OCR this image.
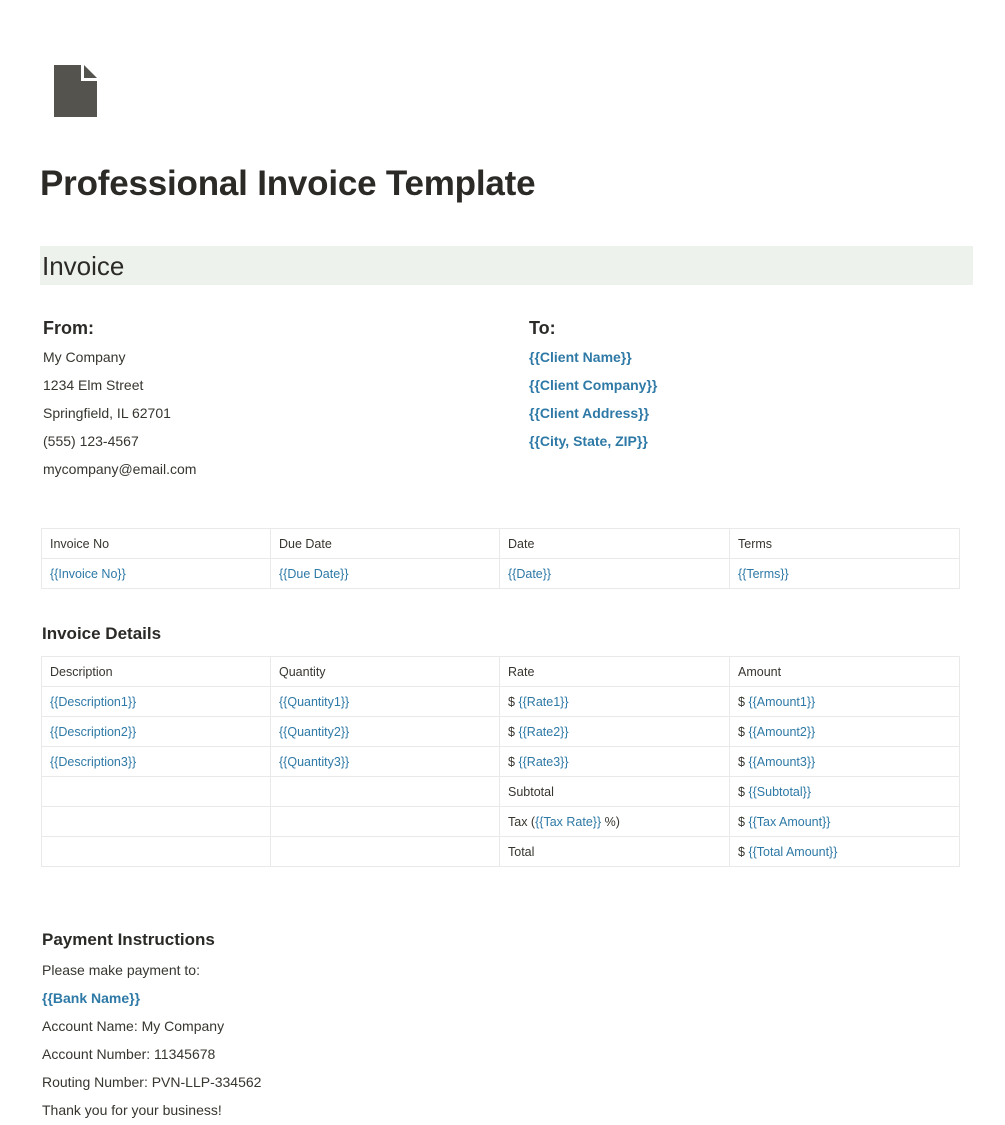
Professional Invoice Template
Invoice
From:
My Company
1234 Elm Street
Springfield, IL 62701
(555) 123-4567
mycompany@email.com
To:
{{Client Name}}
{{Client Company}}
{{Client Address}}
{{City, State, ZIP}}
Invoice No	Due Date	Date	Terms
{{Invoice No}}	{{Due Date}}	{{Date}}	{{Terms}}
Invoice Details
Description	Quantity	Rate	Amount
{{Description1}}	{{Quantity1}}	$ {{Rate1}}	$ {{Amount1}}
{{Description2}}	{{Quantity2}}	$ {{Rate2}}	$ {{Amount2}}
{{Description3}}	{{Quantity3}}	$ {{Rate3}}	$ {{Amount3}}
		Subtotal	$ {{Subtotal}}
		Tax ({{Tax Rate}} %)	$ {{Tax Amount}}
		Total	$ {{Total Amount}}
Payment Instructions
Please make payment to:
{{Bank Name}}
Account Name: My Company
Account Number: 11345678
Routing Number: PVN-LLP-334562
Thank you for your business!
